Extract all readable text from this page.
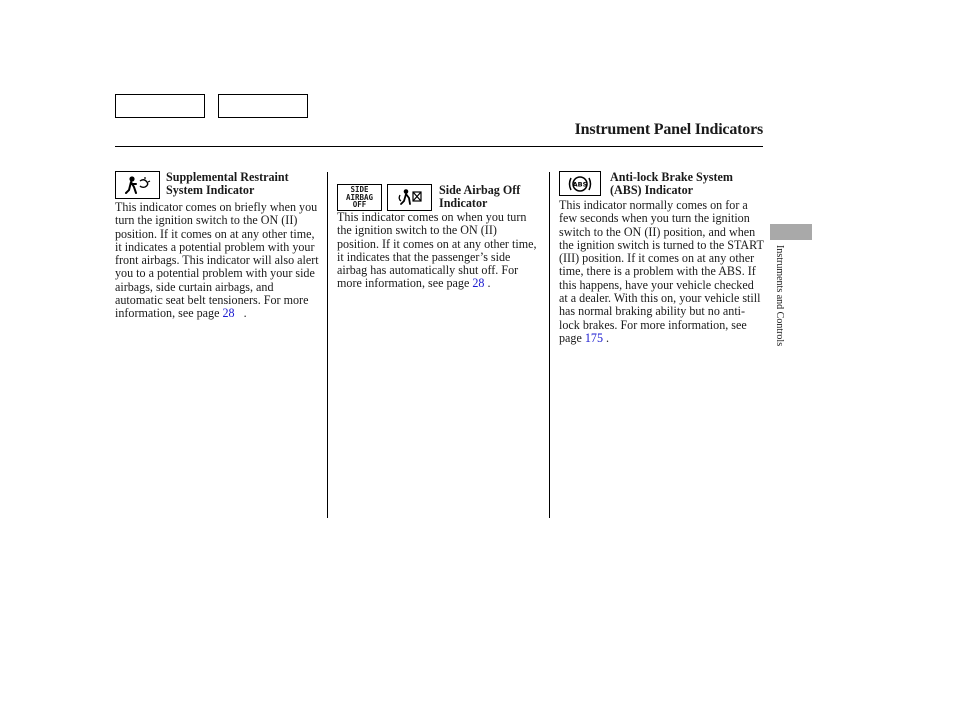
Instrument Panel Indicators
Supplemental Restraint
System Indicator

This indicator comes on briefly when you turn the ignition switch to the ON (II) position. If it comes on at any other time, it indicates a potential problem with your front airbags. This indicator will also alert you to a potential problem with your side airbags, side curtain airbags, and automatic seat belt tensioners. For more information, see page 28 .

SIDE
AIRBAG
OFF
Side Airbag Off
Indicator

This indicator comes on when you turn the ignition switch to the ON (II) position. If it comes on at any other time, it indicates that the passenger’s side airbag has automatically shut off. For more information, see page 28 .

ABS Anti-lock Brake System
(ABS) Indicator

This indicator normally comes on for a few seconds when you turn the ignition switch to the ON (II) position, and when the ignition switch is turned to the START (III) position. If it comes on at any other time, there is a problem with the ABS. If this happens, have your vehicle checked at a dealer. With this on, your vehicle still has normal braking ability but no anti-lock brakes. For more information, see page 175 .	Instruments and Controls
